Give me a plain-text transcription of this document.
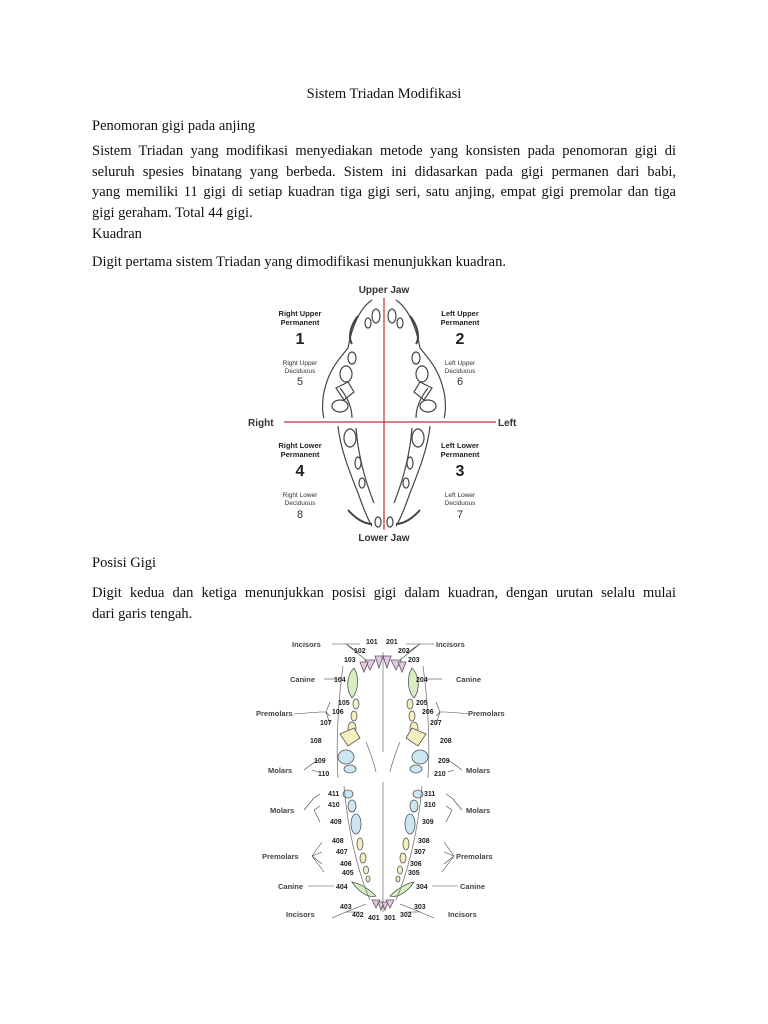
Sistem Triadan Modifikasi
Penomoran gigi pada anjing
Sistem Triadan yang modifikasi menyediakan metode yang konsisten pada penomoran gigi di
seluruh spesies binatang yang berbeda. Sistem ini didasarkan pada gigi permanen dari babi,
yang memiliki 11 gigi di setiap kuadran tiga gigi seri, satu anjing, empat gigi premolar dan tiga
gigi geraham. Total 44 gigi.
Kuadran
Digit pertama sistem Triadan yang dimodifikasi menunjukkan kuadran.
Posisi Gigi
Digit kedua dan ketiga menunjukkan posisi gigi dalam kuadran, dengan urutan selalu mulai
dari garis tengah.
Upper Jaw
Lower Jaw
Right	Left
Right Upper
Permanent
Left Upper
Permanent
Right Lower
Permanent
Left Lower
Permanent
1	2
4	3
Right Upper
Deciduous
Left Upper
Deciduous
Right Lower
Deciduous
Left Lower
Deciduous
5	6
8	7
Incisors	Incisors
Canine	Canine
Premolars	Premolars
Molars	Molars
Molars	Molars
Premolars	Premolars
Canine	Canine
Incisors	Incisors
101
102
103
104
105
106
107
108
109
110
201
202
203
204
205
206
207
208
209
210
411
410
409
408
407
406
405
404
403
402 401 301 302
303
304
305
306
307
308
309
310
311
